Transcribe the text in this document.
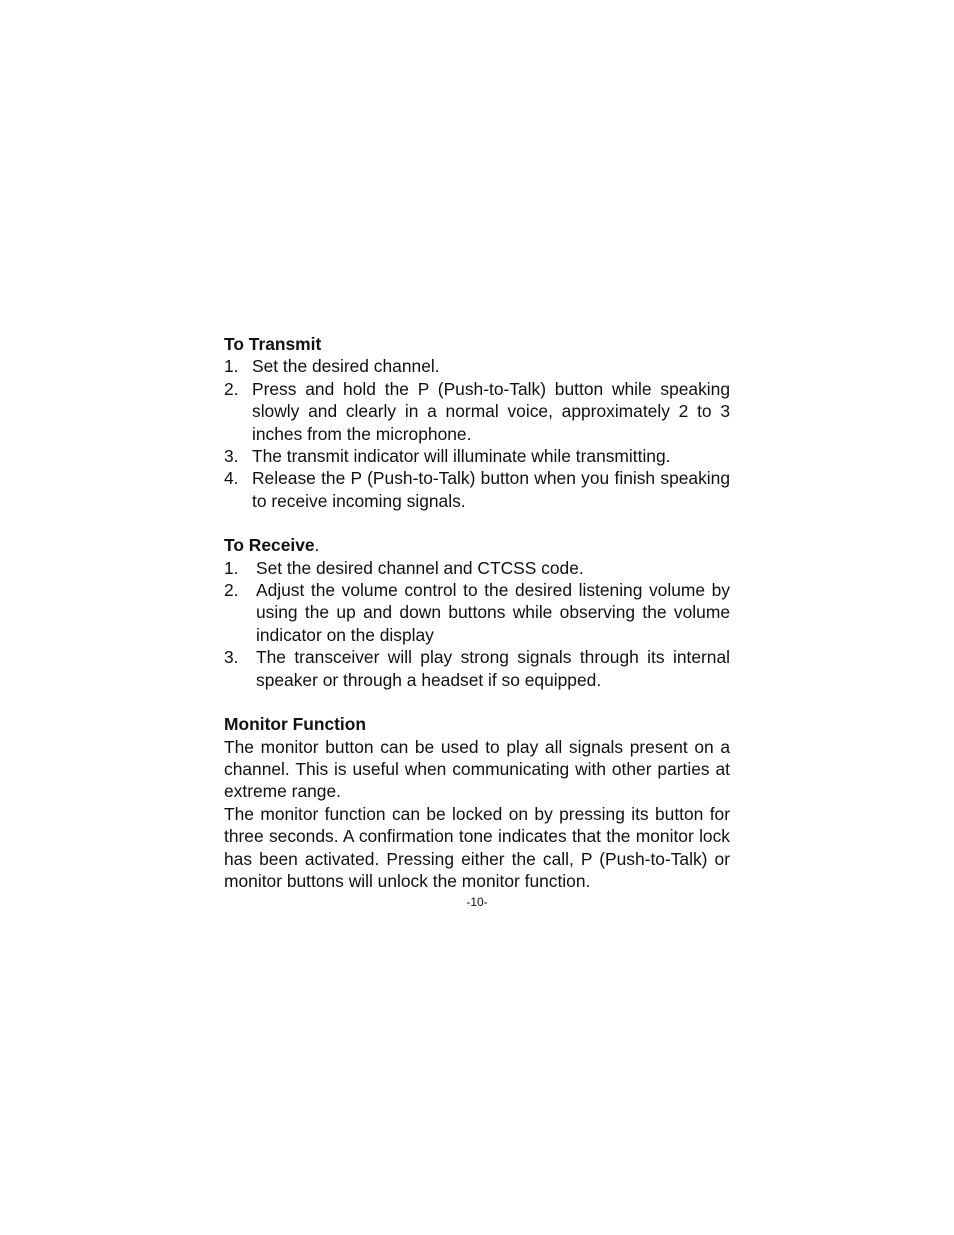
To Transmit

1. Set the desired channel.
2. Press and hold the P (Push-to-Talk) button while speaking slowly and clearly in a normal voice, approximately 2 to 3 inches from the microphone.
3. The transmit indicator will illuminate while transmitting.
4. Release the P (Push-to-Talk) button when you finish speaking to receive incoming signals.

To Receive.

1. Set the desired channel and CTCSS code.
2. Adjust the volume control to the desired listening volume by using the up and down buttons while observing the volume indicator on the display
3. The transceiver will play strong signals through its internal speaker or through a headset if so equipped.

Monitor Function

The monitor button can be used to play all signals present on a channel. This is useful when communicating with other parties at extreme range.

The monitor function can be locked on by pressing its button for three seconds. A confirmation tone indicates that the monitor lock has been activated. Pressing either the call, P (Push-to-Talk) or monitor buttons will unlock the monitor function.

-10-
